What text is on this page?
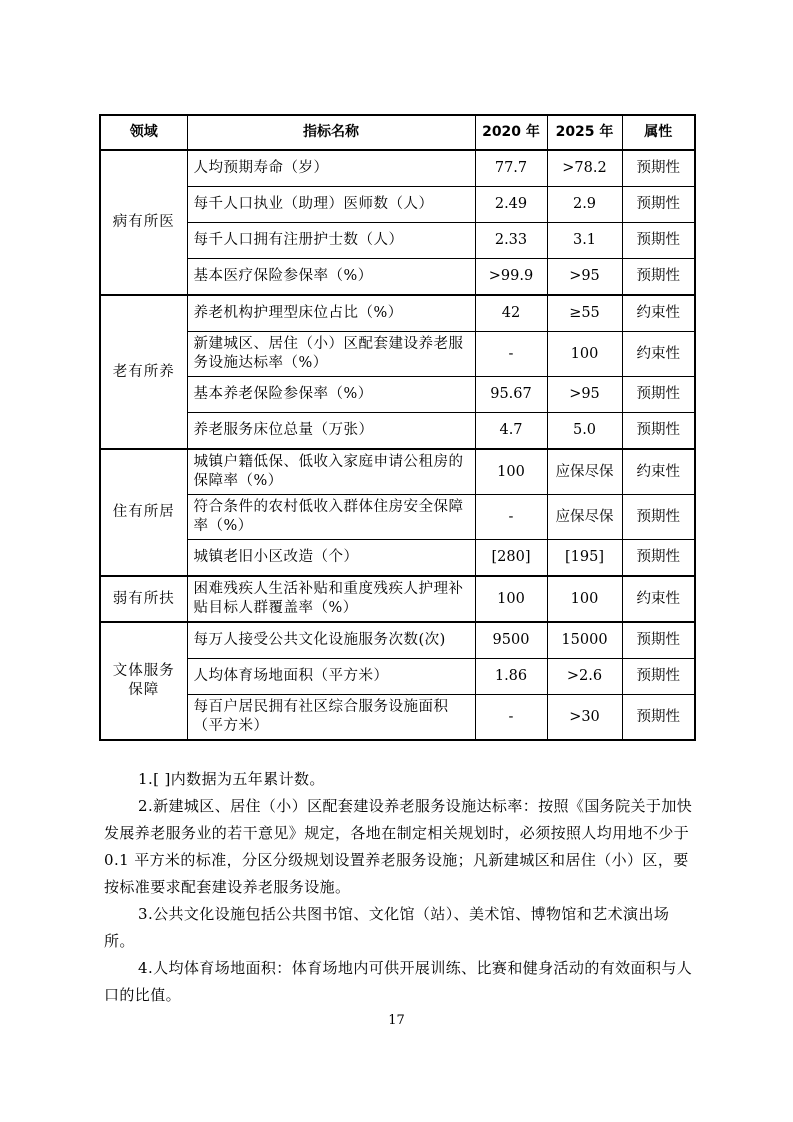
领域	指标名称	2020 年	2025 年	属性
病有所医	人均预期寿命（岁）	77.7	>78.2	预期性
	每千人口执业（助理）医师数（人）	2.49	2.9	预期性
	每千人口拥有注册护士数（人）	2.33	3.1	预期性
	基本医疗保险参保率（%）	>99.9	>95	预期性
老有所养	养老机构护理型床位占比（%）	42	≥55	约束性
	新建城区、居住（小）区配套建设养老服务设施达标率（%）	-	100	约束性
	基本养老保险参保率（%）	95.67	>95	预期性
	养老服务床位总量（万张）	4.7	5.0	预期性
住有所居	城镇户籍低保、低收入家庭申请公租房的保障率（%）	100	应保尽保	约束性
	符合条件的农村低收入群体住房安全保障率（%）	-	应保尽保	预期性
	城镇老旧小区改造（个）	[280]	[195]	预期性
弱有所扶	困难残疾人生活补贴和重度残疾人护理补贴目标人群覆盖率（%）	100	100	约束性
文体服务保障	每万人接受公共文化设施服务次数(次)	9500	15000	预期性
	人均体育场地面积（平方米）	1.86	>2.6	预期性
	每百户居民拥有社区综合服务设施面积（平方米）	-	>30	预期性

1.[ ]内数据为五年累计数。

2.新建城区、居住（小）区配套建设养老服务设施达标率：按照《国务院关于加快发展养老服务业的若干意见》规定，各地在制定相关规划时，必须按照人均用地不少于 0.1 平方米的标准，分区分级规划设置养老服务设施；凡新建城区和居住（小）区，要按标准要求配套建设养老服务设施。

3.公共文化设施包括公共图书馆、文化馆（站）、美术馆、博物馆和艺术演出场所。

4.人均体育场地面积：体育场地内可供开展训练、比赛和健身活动的有效面积与人口的比值。

17
